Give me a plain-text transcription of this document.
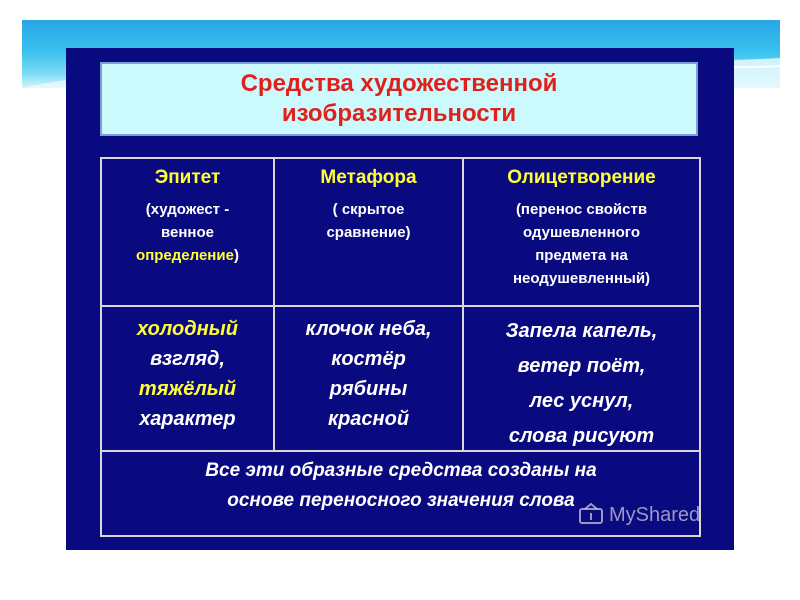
Средства художественной
изобразительности
Эпитет
(художест -
венное
определение)
Метафора
( скрытое
сравнение)
Олицетворение
(перенос свойств
одушевленного
предмета на
неодушевленный)
холодный
взгляд,
тяжёлый
характер
клочок неба,
костёр
рябины
красной
Запела капель,
ветер поёт,
лес уснул,
слова рисуют
Все эти образные средства созданы на
основе переносного значения слова
MyShared
